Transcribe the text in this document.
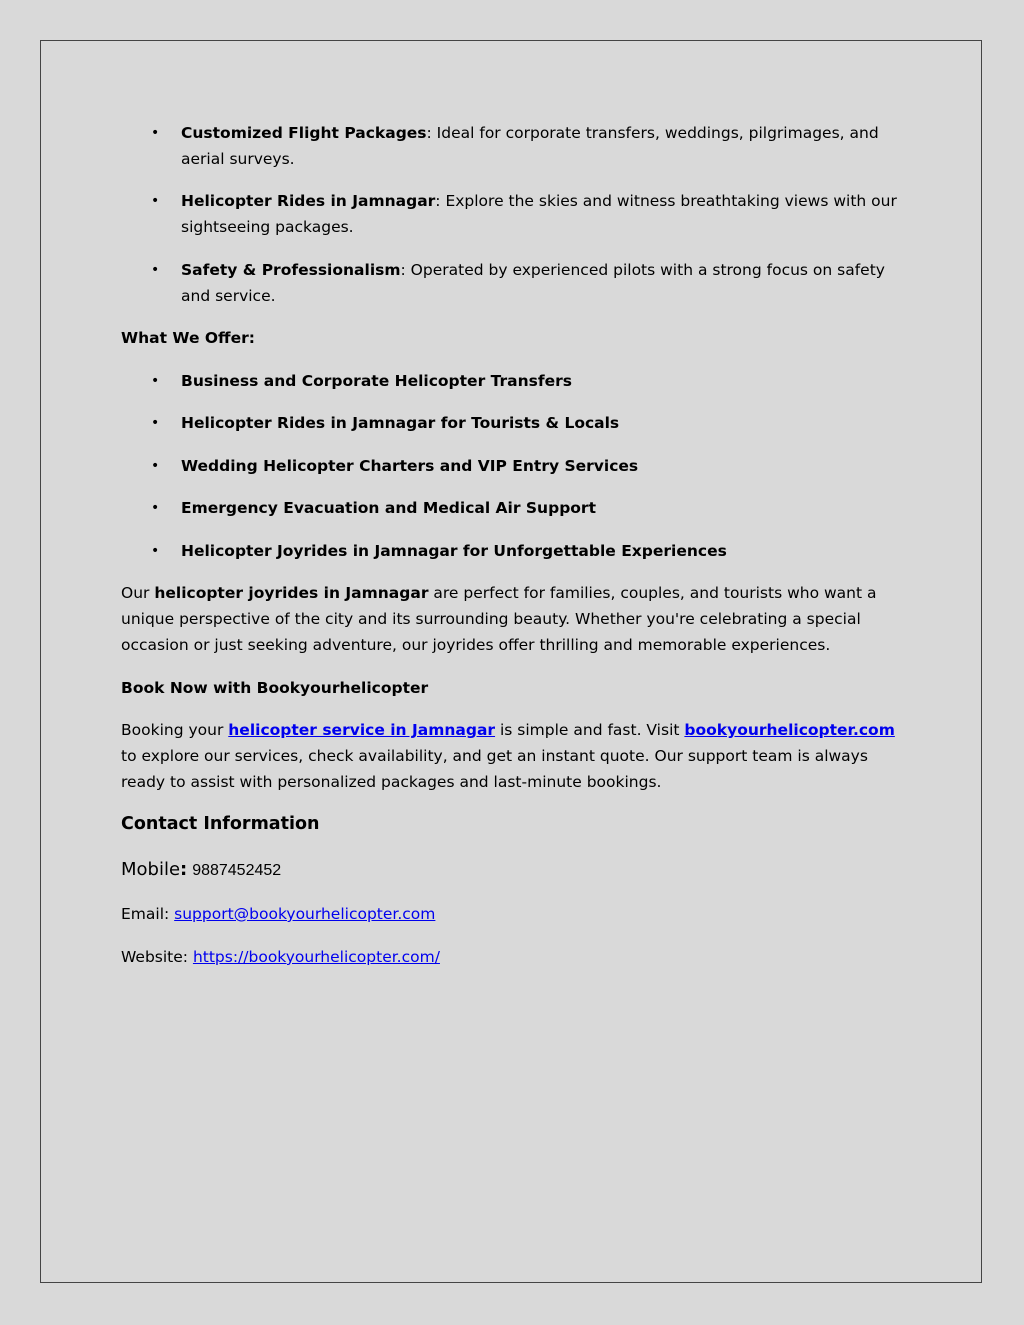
• Customized Flight Packages: Ideal for corporate transfers, weddings, pilgrimages, and aerial surveys.
• Helicopter Rides in Jamnagar: Explore the skies and witness breathtaking views with our sightseeing packages.
• Safety & Professionalism: Operated by experienced pilots with a strong focus on safety and service.
What We Offer:
• Business and Corporate Helicopter Transfers
• Helicopter Rides in Jamnagar for Tourists & Locals
• Wedding Helicopter Charters and VIP Entry Services
• Emergency Evacuation and Medical Air Support
• Helicopter Joyrides in Jamnagar for Unforgettable Experiences
Our helicopter joyrides in Jamnagar are perfect for families, couples, and tourists who want a unique perspective of the city and its surrounding beauty. Whether you're celebrating a special occasion or just seeking adventure, our joyrides offer thrilling and memorable experiences.
Book Now with Bookyourhelicopter
Booking your helicopter service in Jamnagar is simple and fast. Visit bookyourhelicopter.com to explore our services, check availability, and get an instant quote. Our support team is always ready to assist with personalized packages and last-minute bookings.
Contact Information
Mobile: 9887452452
Email: support@bookyourhelicopter.com
Website: https://bookyourhelicopter.com/
